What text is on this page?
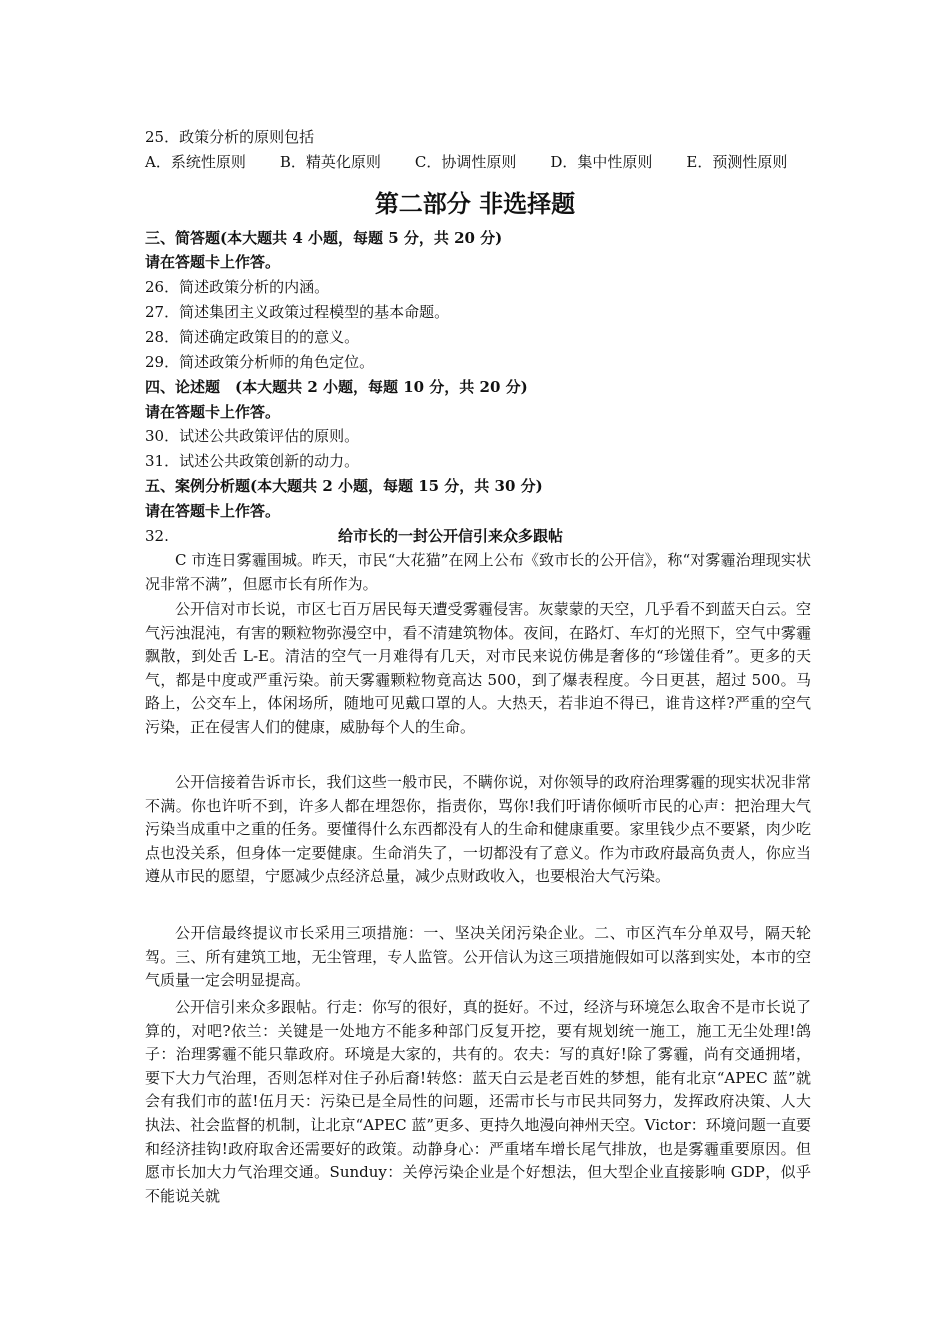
25．政策分析的原则包括
A．系统性原则 B．精英化原则 C．协调性原则 D．集中性原则 E．预测性原则
第二部分 非选择题
三、简答题(本大题共 4 小题，每题 5 分，共 20 分)
请在答题卡上作答。
26．简述政策分析的内涵。
27．简述集团主义政策过程模型的基本命题。
28．简述确定政策目的的意义。
29．简述政策分析师的角色定位。
四、论述题　(本大题共 2 小题，每题 10 分，共 20 分)
请在答题卡上作答。
30．试述公共政策评估的原则。
31．试述公共政策创新的动力。
五、案例分析题(本大题共 2 小题，每题 15 分，共 30 分)
请在答题卡上作答。
32.	给市长的一封公开信引来众多跟帖
C 市连日雾霾围城。昨天，市民“大花猫”在网上公布《致市长的公开信》，称“对雾霾治理现实状况非常不满”，但愿市长有所作为。
公开信对市长说，市区七百万居民每天遭受雾霾侵害。灰蒙蒙的天空，几乎看不到蓝天白云。空气污浊混沌，有害的颗粒物弥漫空中，看不清建筑物体。夜间，在路灯、车灯的光照下，空气中雾霾飘散，到处舌 L-E。清洁的空气一月难得有几天，对市民来说仿佛是奢侈的“珍馐佳肴”。更多的天气，都是中度或严重污染。前天雾霾颗粒物竟高达 500，到了爆表程度。今日更甚，超过 500。马路上，公交车上，体闲场所，随地可见戴口罩的人。大热天，若非迫不得已，谁肯这样?严重的空气污染，正在侵害人们的健康，威胁每个人的生命。
公开信接着告诉市长，我们这些一般市民，不瞒你说，对你领导的政府治理雾霾的现实状况非常不满。你也许听不到，许多人都在埋怨你，指责你，骂你!我们吁请你倾听市民的心声：把治理大气污染当成重中之重的任务。要懂得什么东西都没有人的生命和健康重要。家里钱少点不要紧，肉少吃点也没关系，但身体一定要健康。生命消失了，一切都没有了意义。作为市政府最高负责人，你应当遵从市民的愿望，宁愿减少点经济总量，减少点财政收入，也要根治大气污染。
公开信最终提议市长采用三项措施：一、坚决关闭污染企业。二、市区汽车分单双号，隔天轮驾。三、所有建筑工地，无尘管理，专人监管。公开信认为这三项措施假如可以落到实处，本市的空气质量一定会明显提高。
公开信引来众多跟帖。行走：你写的很好，真的挺好。不过，经济与环境怎么取舍不是市长说了算的，对吧?依兰：关键是一处地方不能多种部门反复开挖，要有规划统一施工，施工无尘处理!鸽子：治理雾霾不能只靠政府。环境是大家的，共有的。农夫：写的真好!除了雾霾，尚有交通拥堵，要下大力气治理，否则怎样对住子孙后裔!转悠：蓝天白云是老百姓的梦想，能有北京“APEC 蓝”就会有我们市的蓝!伍月天：污染已是全局性的问题，还需市长与市民共同努力，发挥政府决策、人大执法、社会监督的机制，让北京“APEC 蓝”更多、更持久地漫向神州天空。Victor：环境问题一直要和经济挂钩!政府取舍还需要好的政策。动静身心：严重堵车增长尾气排放，也是雾霾重要原因。但愿市长加大力气治理交通。Sunduy：关停污染企业是个好想法，但大型企业直接影响 GDP，似乎不能说关就
